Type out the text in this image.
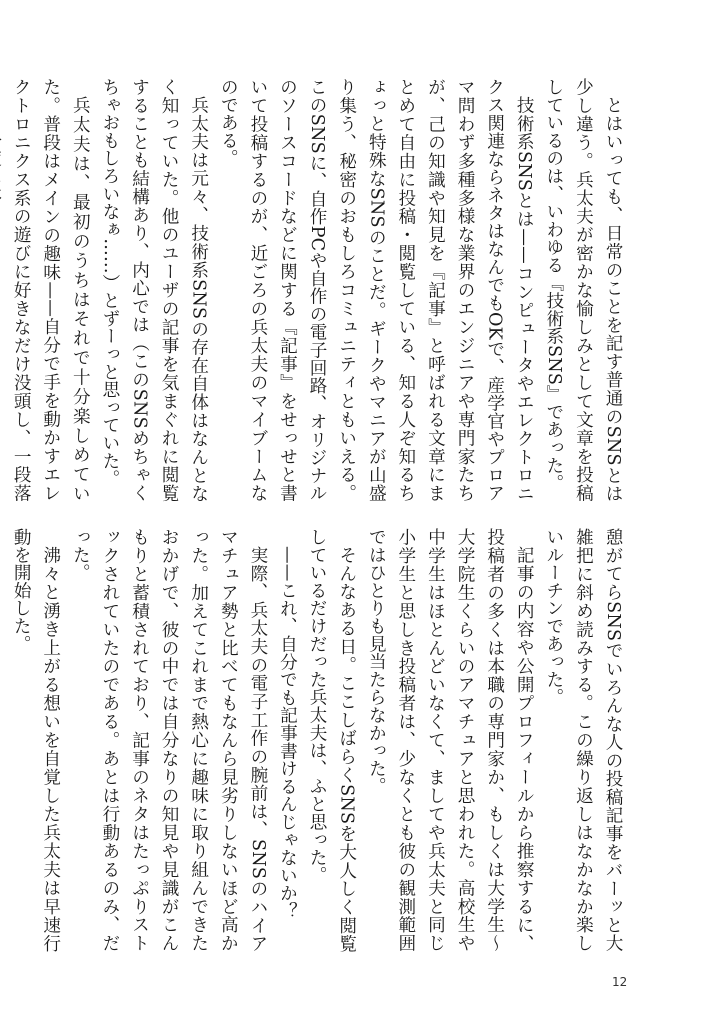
とはいっても、日常のことを記す普通のSNSとは少し違う。兵太夫が密かな愉しみとして文章を投稿しているのは、いわゆる『技術系SNS』であった。

技術系SNSとは——コンピュータやエレクトロニクス関連ならネタはなんでもOKで、産学官やプロアマ問わず多種多様な業界のエンジニアや専門家たちが、己の知識や知見を『記事』と呼ばれる文章にまとめて自由に投稿・閲覧している、知る人ぞ知るちょっと特殊なSNSのことだ。ギークやマニアが山盛り集う、秘密のおもしろコミュニティともいえる。このSNSに、自作PCや自作の電子回路、オリジナルのソースコードなどに関する『記事』をせっせと書いて投稿するのが、近ごろの兵太夫のマイブームなのである。

兵太夫は元々、技術系SNSの存在自体はなんとなく知っていた。他のユーザの記事を気まぐれに閲覧することも結構あり、内心では（このSNSめちゃくちゃおもしろいなぁ……）とずーっと思っていた。

兵太夫は、最初のうちはそれで十分楽しめていた。普段はメインの趣味——自分で手を動かすエレクトロニクス系の遊びに好きなだけ没頭し、一段落

憩がてらSNSでいろんな人の投稿記事をバーッと大雑把に斜め読みする。この繰り返しはなかなか楽しいルーチンであった。

記事の内容や公開プロフィールから推察するに、投稿者の多くは本職の専門家か、もしくは大学生〜大学院生くらいのアマチュアと思われた。高校生や中学生はほとんどいなくて、ましてや兵太夫と同じ小学生と思しき投稿者は、少なくとも彼の観測範囲ではひとりも見当たらなかった。

そんなある日。ここしばらくSNSを大人しく閲覧しているだけだった兵太夫は、ふと思った。

——これ、自分でも記事書けるんじゃないか？

実際、兵太夫の電子工作の腕前は、SNSのハイアマチュア勢と比べてもなんら見劣りしないほど高かった。加えてこれまで熱心に趣味に取り組んできたおかげで、彼の中では自分なりの知見や見識がこんもりと蓄積されており、記事のネタはたっぷりストックされていたのである。あとは行動あるのみ、だった。

沸々と湧き上がる想いを自覚した兵太夫は早速行動を開始した。

12
